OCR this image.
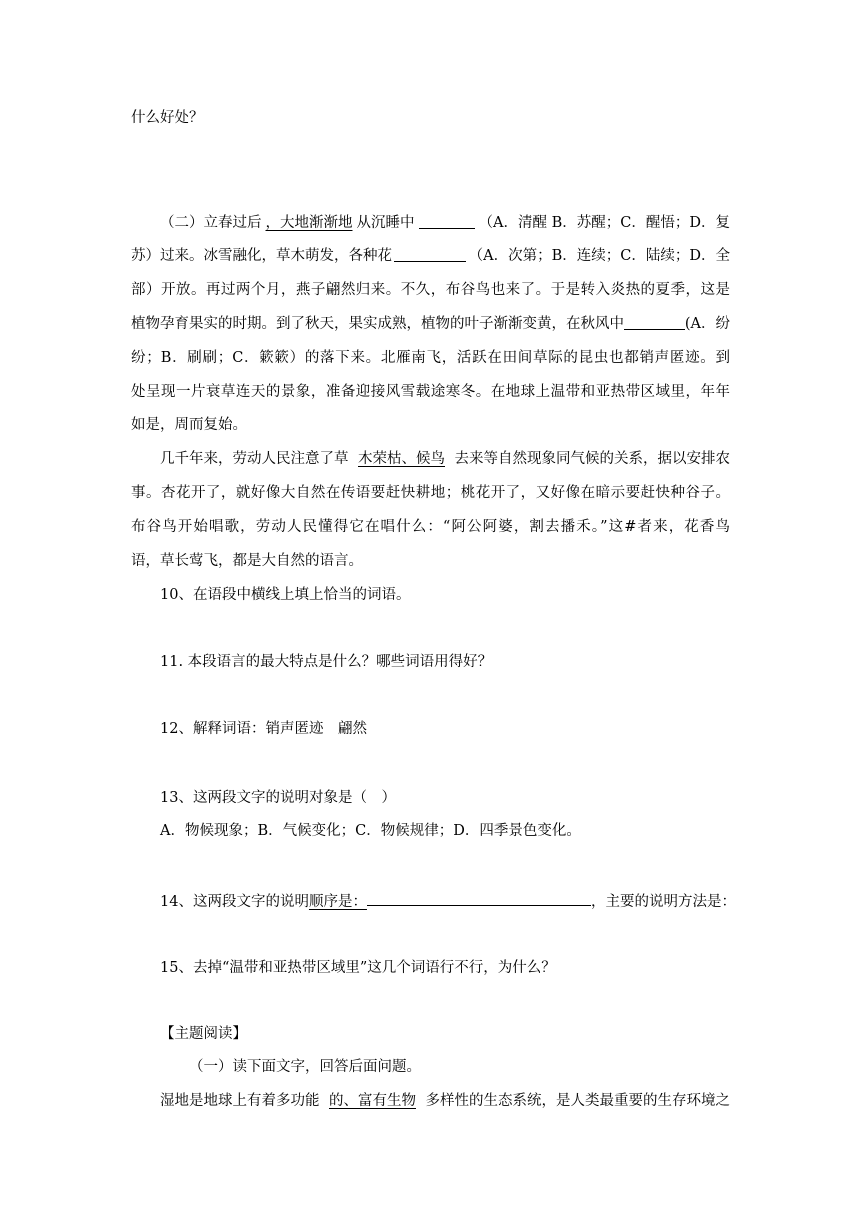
什么好处？
（二）立春过后 ，大地渐渐地 从沉睡中	（A．清醒 B．苏醒；C．醒悟；D．复
苏）过来。冰雪融化，草木萌发，各种花	（A．次第；B．连续；C．陆续；D．全
部）开放。再过两个月，燕子翩然归来。不久，布谷鸟也来了。于是转入炎热的夏季，这是
植物孕育果实的时期。到了秋天，果实成熟，植物的叶子渐渐变黄，在秋风中	(A．纷
纷；B．刷刷；C．簌簌）的落下来。北雁南飞，活跃在田间草际的昆虫也都销声匿迹。到
处呈现一片衰草连天的景象，准备迎接风雪载途寒冬。在地球上温带和亚热带区域里，年年
如是，周而复始。
几千年来，劳动人民注意了草 木荣枯、候鸟 去来等自然现象同气候的关系，据以安排农
事。杏花开了，就好像大自然在传语要赶快耕地；桃花开了，又好像在暗示要赶快种谷子。
布谷鸟开始唱歌，劳动人民懂得它在唱什么：“阿公阿婆，割去播禾。”这#者来，花香鸟
语，草长莺飞，都是大自然的语言。
10、在语段中横线上填上恰当的词语。
11. 本段语言的最大特点是什么？哪些词语用得好？
12、解释词语：销声匿迹　翩然
13、这两段文字的说明对象是（　）
A．物候现象；B．气候变化；C．物候规律；D．四季景色变化。
14、这两段文字的说明顺序是：	，主要的说明方法是：
15、去掉“温带和亚热带区域里”这几个词语行不行，为什么？
【主题阅读】
（一）读下面文字，回答后面问题。
湿地是地球上有着多功能 的、富有生物 多样性的生态系统，是人类最重要的生存环境之
